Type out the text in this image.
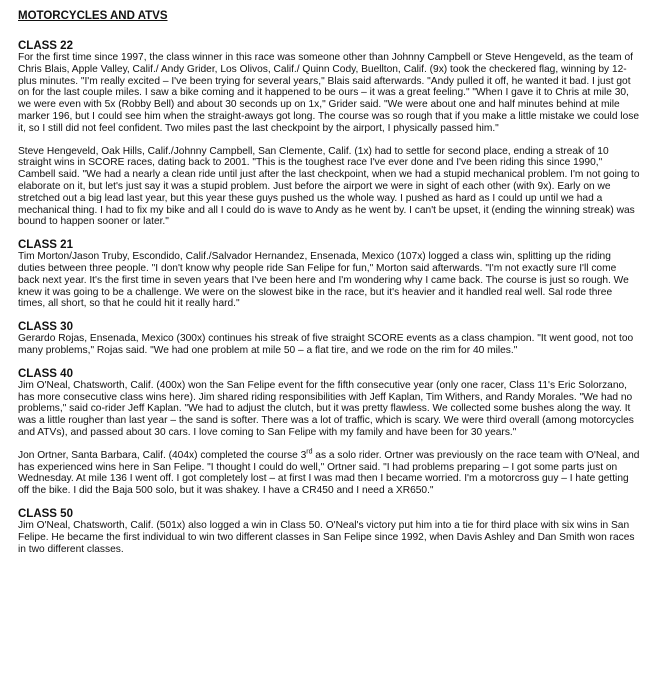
MOTORCYCLES AND ATVS
CLASS 22

For the first time since 1997, the class winner in this race was someone other than Johnny Campbell or Steve Hengeveld, as the team of Chris Blais, Apple Valley, Calif./ Andy Grider, Los Olivos, Calif./ Quinn Cody, Buellton, Calif. (9x) took the checkered flag, winning by 12-plus minutes. "I'm really excited – I've been trying for several years," Blais said afterwards. "Andy pulled it off, he wanted it bad. I just got on for the last couple miles. I saw a bike coming and it happened to be ours – it was a great feeling." "When I gave it to Chris at mile 30, we were even with 5x (Robby Bell) and about 30 seconds up on 1x," Grider said. "We were about one and half minutes behind at mile marker 196, but I could see him when the straight-aways got long. The course was so rough that if you make a little mistake we could lose it, so I still did not feel confident. Two miles past the last checkpoint by the airport, I physically passed him."

Steve Hengeveld, Oak Hills, Calif./Johnny Campbell, San Clemente, Calif. (1x) had to settle for second place, ending a streak of 10 straight wins in SCORE races, dating back to 2001. "This is the toughest race I've ever done and I've been riding this since 1990," Cambell said. "We had a nearly a clean ride until just after the last checkpoint, when we had a stupid mechanical problem. I'm not going to elaborate on it, but let's just say it was a stupid problem. Just before the airport we were in sight of each other (with 9x). Early on we stretched out a big lead last year, but this year these guys pushed us the whole way. I pushed as hard as I could up until we had a mechanical thing. I had to fix my bike and all I could do is wave to Andy as he went by. I can't be upset, it (ending the winning streak) was bound to happen sooner or later."

CLASS 21

Tim Morton/Jason Truby, Escondido, Calif./Salvador Hernandez, Ensenada, Mexico (107x) logged a class win, splitting up the riding duties between three people. "I don't know why people ride San Felipe for fun," Morton said afterwards. "I'm not exactly sure I'll come back next year. It's the first time in seven years that I've been here and I'm wondering why I came back. The course is just so rough. We knew it was going to be a challenge. We were on the slowest bike in the race, but it's heavier and it handled real well. Sal rode three times, all short, so that he could hit it really hard."

CLASS 30

Gerardo Rojas, Ensenada, Mexico (300x) continues his streak of five straight SCORE events as a class champion. "It went good, not too many problems," Rojas said. "We had one problem at mile 50 – a flat tire, and we rode on the rim for 40 miles."

CLASS 40

Jim O'Neal, Chatsworth, Calif. (400x) won the San Felipe event for the fifth consecutive year (only one racer, Class 11's Eric Solorzano, has more consecutive class wins here). Jim shared riding responsibilities with Jeff Kaplan, Tim Withers, and Randy Morales. "We had no problems," said co-rider Jeff Kaplan. "We had to adjust the clutch, but it was pretty flawless. We collected some bushes along the way. It was a little rougher than last year – the sand is softer. There was a lot of traffic, which is scary. We were third overall (among motorcycles and ATVs), and passed about 30 cars. I love coming to San Felipe with my family and have been for 30 years."

Jon Ortner, Santa Barbara, Calif. (404x) completed the course 3rd as a solo rider. Ortner was previously on the race team with O'Neal, and has experienced wins here in San Felipe. "I thought I could do well," Ortner said. "I had problems preparing – I got some parts just on Wednesday. At mile 136 I went off. I got completely lost – at first I was mad then I became worried. I'm a motorcross guy – I hate getting off the bike. I did the Baja 500 solo, but it was shakey. I have a CR450 and I need a XR650."

CLASS 50

Jim O'Neal, Chatsworth, Calif. (501x) also logged a win in Class 50. O'Neal's victory put him into a tie for third place with six wins in San Felipe. He became the first individual to win two different classes in San Felipe since 1992, when Davis Ashley and Dan Smith won races in two different classes.
